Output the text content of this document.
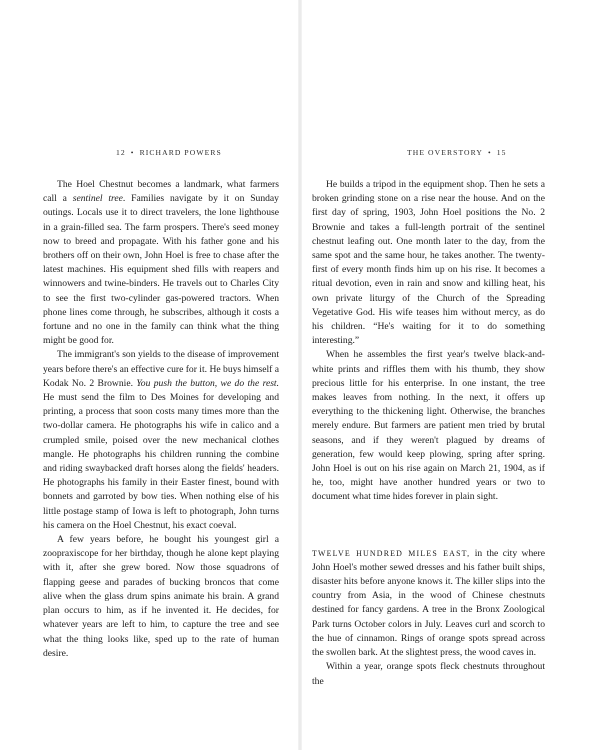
12 • RICHARD POWERS

The Hoel Chestnut becomes a landmark, what farmers call a sentinel tree. Families navigate by it on Sunday outings. Locals use it to direct travelers, the lone lighthouse in a grain-filled sea. The farm prospers. There's seed money now to breed and propagate. With his father gone and his brothers off on their own, John Hoel is free to chase after the latest machines. His equipment shed fills with reapers and winnowers and twine-binders. He travels out to Charles City to see the first two-cylinder gas-powered tractors. When phone lines come through, he subscribes, although it costs a fortune and no one in the family can think what the thing might be good for.

The immigrant's son yields to the disease of improvement years before there's an effective cure for it. He buys himself a Kodak No. 2 Brownie. You push the button, we do the rest. He must send the film to Des Moines for developing and printing, a process that soon costs many times more than the two-dollar camera. He photographs his wife in calico and a crumpled smile, poised over the new mechanical clothes mangle. He photographs his children running the combine and riding swaybacked draft horses along the fields' headers. He photographs his family in their Easter finest, bound with bonnets and garroted by bow ties. When nothing else of his little postage stamp of Iowa is left to photograph, John turns his camera on the Hoel Chestnut, his exact coeval.

A few years before, he bought his youngest girl a zoopraxiscope for her birthday, though he alone kept playing with it, after she grew bored. Now those squadrons of flapping geese and parades of bucking broncos that come alive when the glass drum spins animate his brain. A grand plan occurs to him, as if he invented it. He decides, for whatever years are left to him, to capture the tree and see what the thing looks like, sped up to the rate of human desire.

THE OVERSTORY • 15

He builds a tripod in the equipment shop. Then he sets a broken grinding stone on a rise near the house. And on the first day of spring, 1903, John Hoel positions the No. 2 Brownie and takes a full-length portrait of the sentinel chestnut leafing out. One month later to the day, from the same spot and the same hour, he takes another. The twenty-first of every month finds him up on his rise. It becomes a ritual devotion, even in rain and snow and killing heat, his own private liturgy of the Church of the Spreading Vegetative God. His wife teases him without mercy, as do his children. “He's waiting for it to do something interesting.”

When he assembles the first year's twelve black-and-white prints and riffles them with his thumb, they show precious little for his enterprise. In one instant, the tree makes leaves from nothing. In the next, it offers up everything to the thickening light. Otherwise, the branches merely endure. But farmers are patient men tried by brutal seasons, and if they weren't plagued by dreams of generation, few would keep plowing, spring after spring. John Hoel is out on his rise again on March 21, 1904, as if he, too, might have another hundred years or two to document what time hides forever in plain sight.

TWELVE HUNDRED MILES EAST, in the city where John Hoel's mother sewed dresses and his father built ships, disaster hits before anyone knows it. The killer slips into the country from Asia, in the wood of Chinese chestnuts destined for fancy gardens. A tree in the Bronx Zoological Park turns October colors in July. Leaves curl and scorch to the hue of cinnamon. Rings of orange spots spread across the swollen bark. At the slightest press, the wood caves in.

Within a year, orange spots fleck chestnuts throughout the
